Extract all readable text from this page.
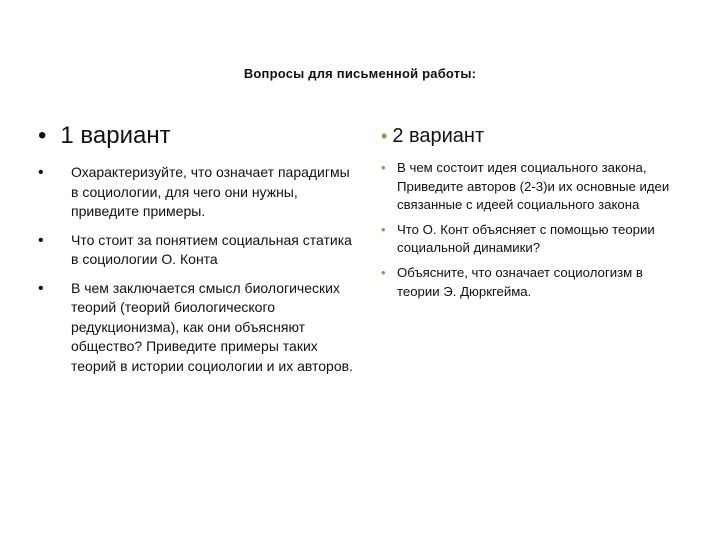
Вопросы для письменной работы:
• 1 вариант
• Охарактеризуйте, что означает парадигмы в социологии, для чего они нужны, приведите примеры.
• Что стоит за понятием социальная статика в социологии О. Конта
• В чем заключается смысл биологических теорий (теорий биологического редукционизма), как они объясняют общество? Приведите примеры таких теорий в истории социологии и их авторов.
• 2 вариант
• В чем состоит идея социального закона, Приведите авторов (2-3)и их основные идеи связанные с идеей социального закона
• Что О. Конт объясняет с помощью теории социальной динамики?
• Объясните, что означает социологизм в теории Э. Дюркгейма.
